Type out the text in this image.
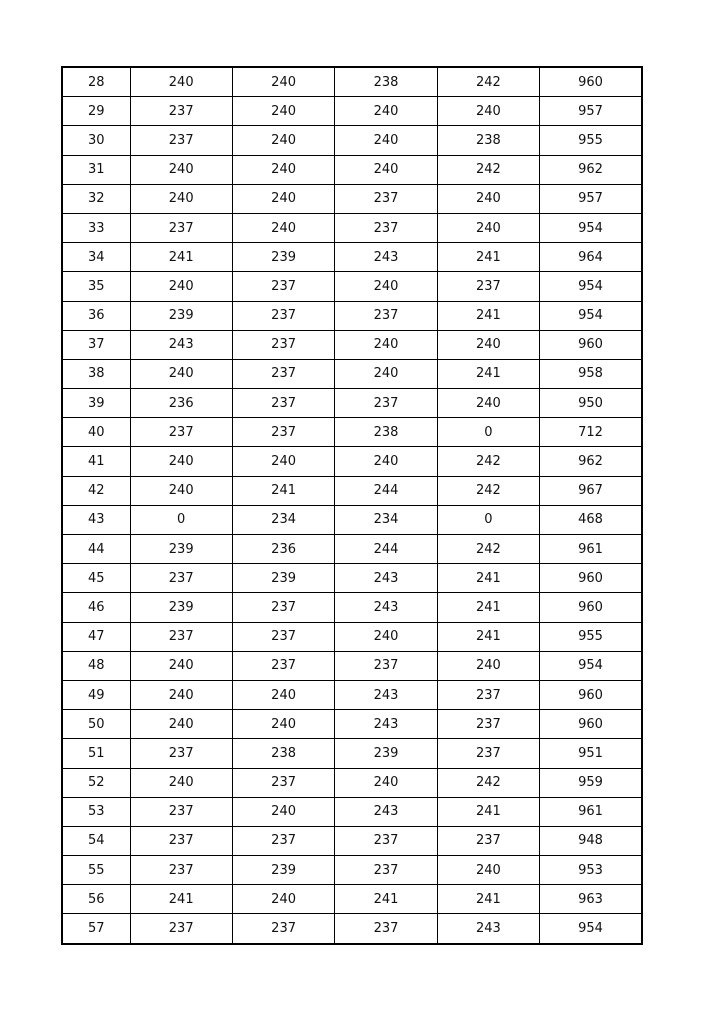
28	240	240	238	242	960
29	237	240	240	240	957
30	237	240	240	238	955
31	240	240	240	242	962
32	240	240	237	240	957
33	237	240	237	240	954
34	241	239	243	241	964
35	240	237	240	237	954
36	239	237	237	241	954
37	243	237	240	240	960
38	240	237	240	241	958
39	236	237	237	240	950
40	237	237	238	0	712
41	240	240	240	242	962
42	240	241	244	242	967
43	0	234	234	0	468
44	239	236	244	242	961
45	237	239	243	241	960
46	239	237	243	241	960
47	237	237	240	241	955
48	240	237	237	240	954
49	240	240	243	237	960
50	240	240	243	237	960
51	237	238	239	237	951
52	240	237	240	242	959
53	237	240	243	241	961
54	237	237	237	237	948
55	237	239	237	240	953
56	241	240	241	241	963
57	237	237	237	243	954
